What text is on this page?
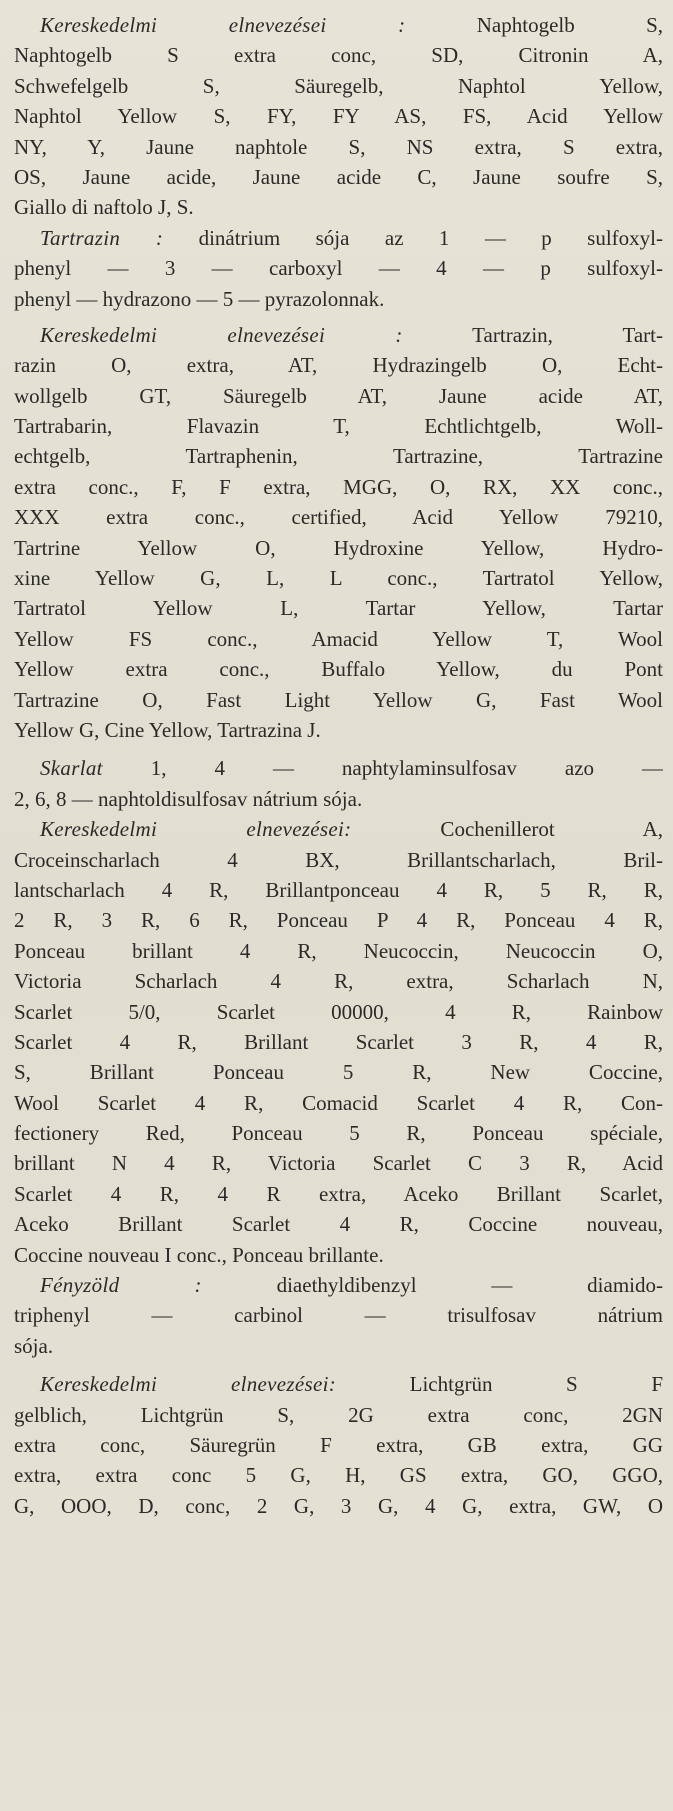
Kereskedelmi elnevezései : Naphtogelb S,
Naphtogelb S extra conc, SD, Citronin A,
Schwefelgelb S, Säuregelb, Naphtol Yellow,
Naphtol Yellow S, FY, FY AS, FS, Acid Yellow
NY, Y, Jaune naphtole S, NS extra, S extra,
OS, Jaune acide, Jaune acide C, Jaune soufre S,
Giallo di naftolo J, S.
Tartrazin : dinátrium sója az 1 — p sulfoxyl-
phenyl — 3 — carboxyl — 4 — p sulfoxyl-
phenyl — hydrazono — 5 — pyrazolonnak.
Kereskedelmi elnevezései : Tartrazin, Tart-
razin O, extra, AT, Hydrazingelb O, Echt-
wollgelb GT, Säuregelb AT, Jaune acide AT,
Tartrabarin, Flavazin T, Echtlichtgelb, Woll-
echtgelb, Tartraphenin, Tartrazine, Tartrazine
extra conc., F, F extra, MGG, O, RX, XX conc.,
XXX extra conc., certified, Acid Yellow 79210,
Tartrine Yellow O, Hydroxine Yellow, Hydro-
xine Yellow G, L, L conc., Tartratol Yellow,
Tartratol Yellow L, Tartar Yellow, Tartar
Yellow FS conc., Amacid Yellow T, Wool
Yellow extra conc., Buffalo Yellow, du Pont
Tartrazine O, Fast Light Yellow G, Fast Wool
Yellow G, Cine Yellow, Tartrazina J.
Skarlat 1, 4 — naphtylaminsulfosav azo —
2, 6, 8 — naphtoldisulfosav nátrium sója.
Kereskedelmi elnevezései: Cochenillerot A,
Croceinscharlach 4 BX, Brillantscharlach, Bril-
lantscharlach 4 R, Brillantponceau 4 R, 5 R, R,
2 R, 3 R, 6 R, Ponceau P 4 R, Ponceau 4 R,
Ponceau brillant 4 R, Neucoccin, Neucoccin O,
Victoria Scharlach 4 R, extra, Scharlach N,
Scarlet 5/0, Scarlet 00000, 4 R, Rainbow
Scarlet 4 R, Brillant Scarlet 3 R, 4 R,
S, Brillant Ponceau 5 R, New Coccine,
Wool Scarlet 4 R, Comacid Scarlet 4 R, Con-
fectionery Red, Ponceau 5 R, Ponceau spéciale,
brillant N 4 R, Victoria Scarlet C 3 R, Acid
Scarlet 4 R, 4 R extra, Aceko Brillant Scarlet,
Aceko Brillant Scarlet 4 R, Coccine nouveau,
Coccine nouveau I conc., Ponceau brillante.
Fényzöld : diaethyldibenzyl — diamido-
triphenyl — carbinol — trisulfosav nátrium
sója.
Kereskedelmi elnevezései: Lichtgrün S F
gelblich, Lichtgrün S, 2G extra conc, 2GN
extra conc, Säuregrün F extra, GB extra, GG
extra, extra conc 5 G, H, GS extra, GO, GGO,
G, OOO, D, conc, 2 G, 3 G, 4 G, extra, GW, O
